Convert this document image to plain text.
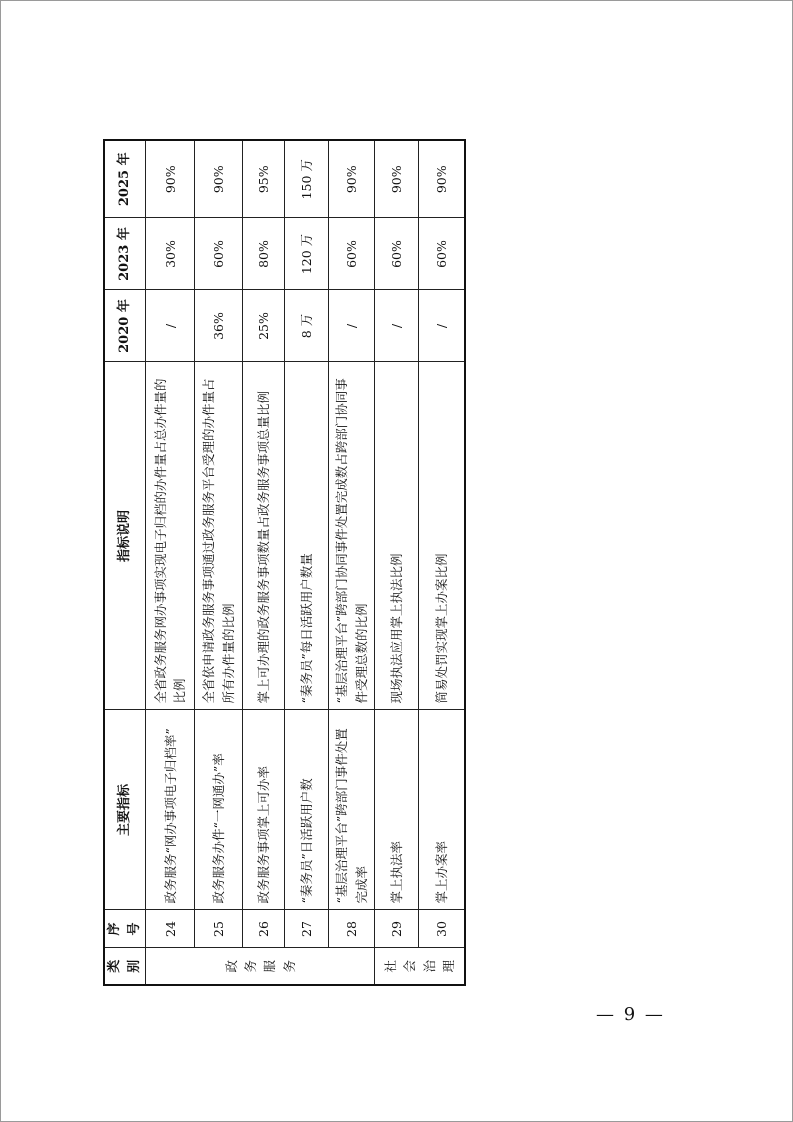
类别	序号	主要指标	指标说明	2020 年	2023 年	2025 年
政务服务	24	政务服务“网办事项电子归档率”	全省政务服务网办事项实现电子归档的办件量占总办件量的比例	/	30%	90%
	25	政务服务办件“一网通办”率	全省依申请政务服务事项通过政务服务平台受理的办件量占所有办件量的比例	36%	60%	90%
	26	政务服务事项掌上可办率	掌上可办理的政务服务事项数量占政务服务事项总量比例	25%	80%	95%
	27	“秦务员”日活跃用户数	“秦务员”每日活跃用户数量	8 万	120 万	150 万
	28	“基层治理平台”跨部门事件处置完成率	“基层治理平台”跨部门协同事件处置完成数占跨部门协同事件受理总数的比例	/	60%	90%
社会治理	29	掌上执法率	现场执法应用掌上执法比例	/	60%	90%
	30	掌上办案率	简易处罚实现掌上办案比例	/	60%	90%
— 9 —
